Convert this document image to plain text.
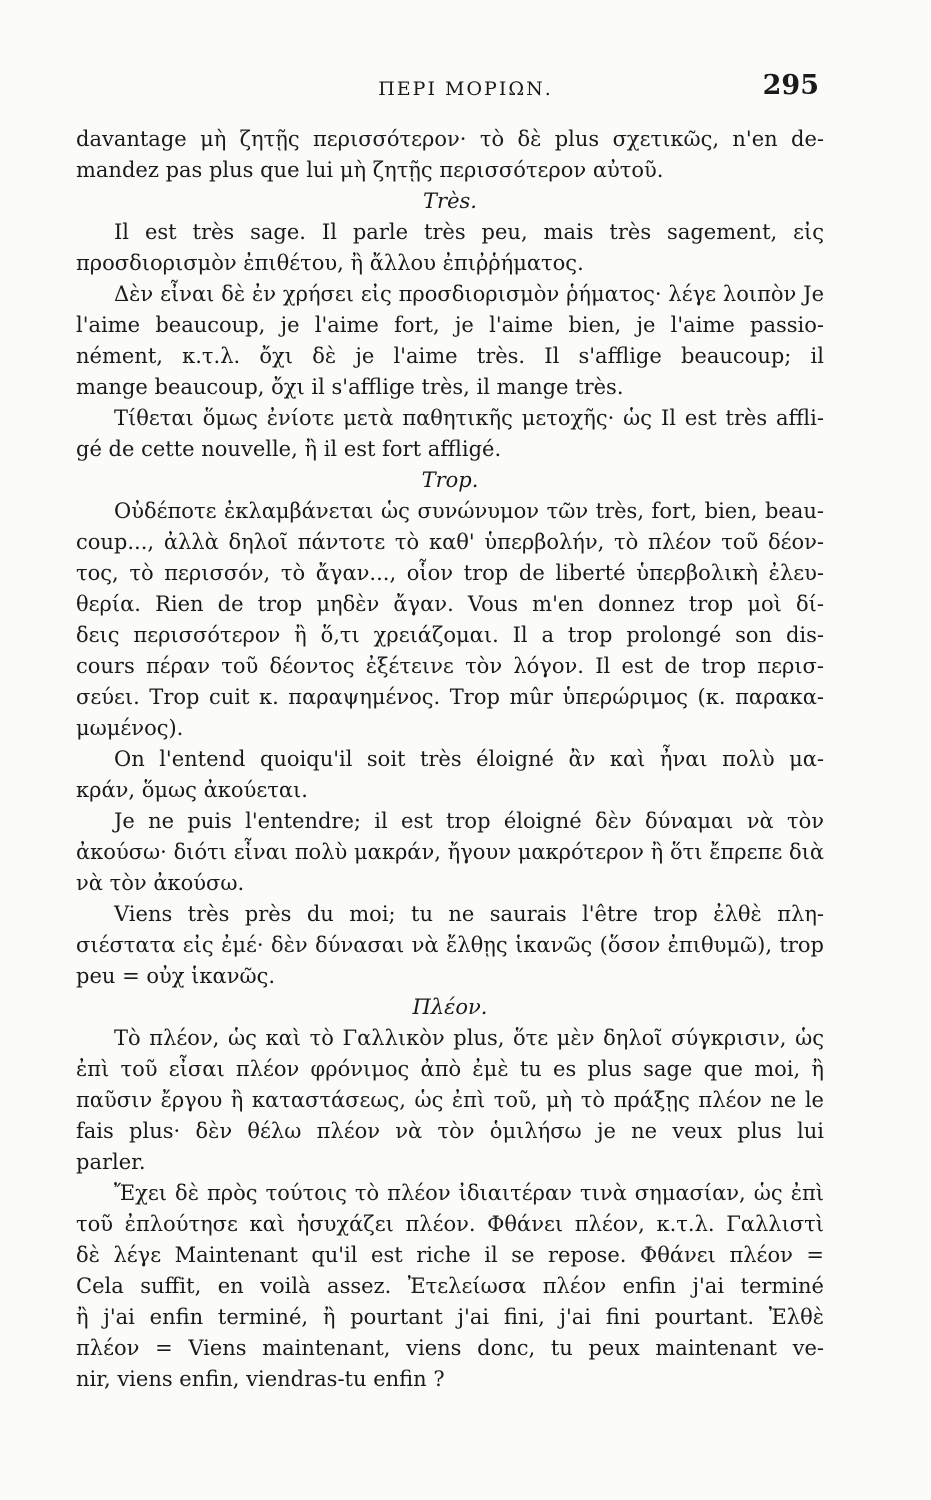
ΠΕΡΙ ΜΟΡΙΩΝ.	295
davantage μὴ ζητῇς περισσότερον· τὸ δὲ plus σχετικῶς, n'en de-
mandez pas plus que lui μὴ ζητῇς περισσότερον αὐτοῦ.
Très.
Il est très sage. Il parle très peu, mais très sagement, εἰς
προσδιορισμὸν ἐπιθέτου, ἢ ἄλλου ἐπιῤῥήματος.
Δὲν εἶναι δὲ ἐν χρήσει εἰς προσδιορισμὸν ῥήματος· λέγε λοιπὸν Je
l'aime beaucoup, je l'aime fort, je l'aime bien, je l'aime passio-
nément, κ.τ.λ. ὄχι δὲ je l'aime très. Il s'afflige beaucoup; il
mange beaucoup, ὄχι il s'afflige très, il mange très.
Τίθεται ὅμως ἐνίοτε μετὰ παθητικῆς μετοχῆς· ὡς Il est très affli-
gé de cette nouvelle, ἢ il est fort affligé.
Trop.
Οὐδέποτε ἐκλαμβάνεται ὡς συνώνυμον τῶν très, fort, bien, beau-
coup..., ἀλλὰ δηλοῖ πάντοτε τὸ καθ' ὑπερβολήν, τὸ πλέον τοῦ δέον-
τος, τὸ περισσόν, τὸ ἄγαν..., οἷον trop de liberté ὑπερβολικὴ ἐλευ-
θερία. Rien de trop μηδὲν ἄγαν. Vous m'en donnez trop μοὶ δί-
δεις περισσότερον ἢ ὅ,τι χρειάζομαι. Il a trop prolongé son dis-
cours πέραν τοῦ δέοντος ἐξέτεινε τὸν λόγον. Il est de trop περισ-
σεύει. Trop cuit κ. παραψημένος. Trop mûr ὑπερώριμος (κ. παρακα-
μωμένος).
On l'entend quoiqu'il soit très éloigné ἂν καὶ ἦναι πολὺ μα-
κράν, ὅμως ἀκούεται.
Je ne puis l'entendre; il est trop éloigné δὲν δύναμαι νὰ τὸν
ἀκούσω· διότι εἶναι πολὺ μακράν, ἤγουν μακρότερον ἢ ὅτι ἔπρεπε διὰ
νὰ τὸν ἀκούσω.
Viens très près du moi; tu ne saurais l'être trop ἐλθὲ πλη-
σιέστατα εἰς ἐμέ· δὲν δύνασαι νὰ ἔλθῃς ἱκανῶς (ὅσον ἐπιθυμῶ), trop
peu = οὐχ ἱκανῶς.
Πλέον.
Τὸ πλέον, ὡς καὶ τὸ Γαλλικὸν plus, ὅτε μὲν δηλοῖ σύγκρισιν, ὡς
ἐπὶ τοῦ εἶσαι πλέον φρόνιμος ἀπὸ ἐμὲ tu es plus sage que moi, ἢ
παῦσιν ἔργου ἢ καταστάσεως, ὡς ἐπὶ τοῦ, μὴ τὸ πράξῃς πλέον ne le
fais plus· δὲν θέλω πλέον νὰ τὸν ὁμιλήσω je ne veux plus lui
parler.
Ἔχει δὲ πρὸς τούτοις τὸ πλέον ἰδιαιτέραν τινὰ σημασίαν, ὡς ἐπὶ
τοῦ ἐπλούτησε καὶ ἡσυχάζει πλέον. Φθάνει πλέον, κ.τ.λ. Γαλλιστὶ
δὲ λέγε Maintenant qu'il est riche il se repose. Φθάνει πλέον =
Cela suffit, en voilà assez. Ἐτελείωσα πλέον enfin j'ai terminé
ἢ j'ai enfin terminé, ἢ pourtant j'ai fini, j'ai fini pourtant. Ἐλθὲ
πλέον = Viens maintenant, viens donc, tu peux maintenant ve-
nir, viens enfin, viendras-tu enfin ?
